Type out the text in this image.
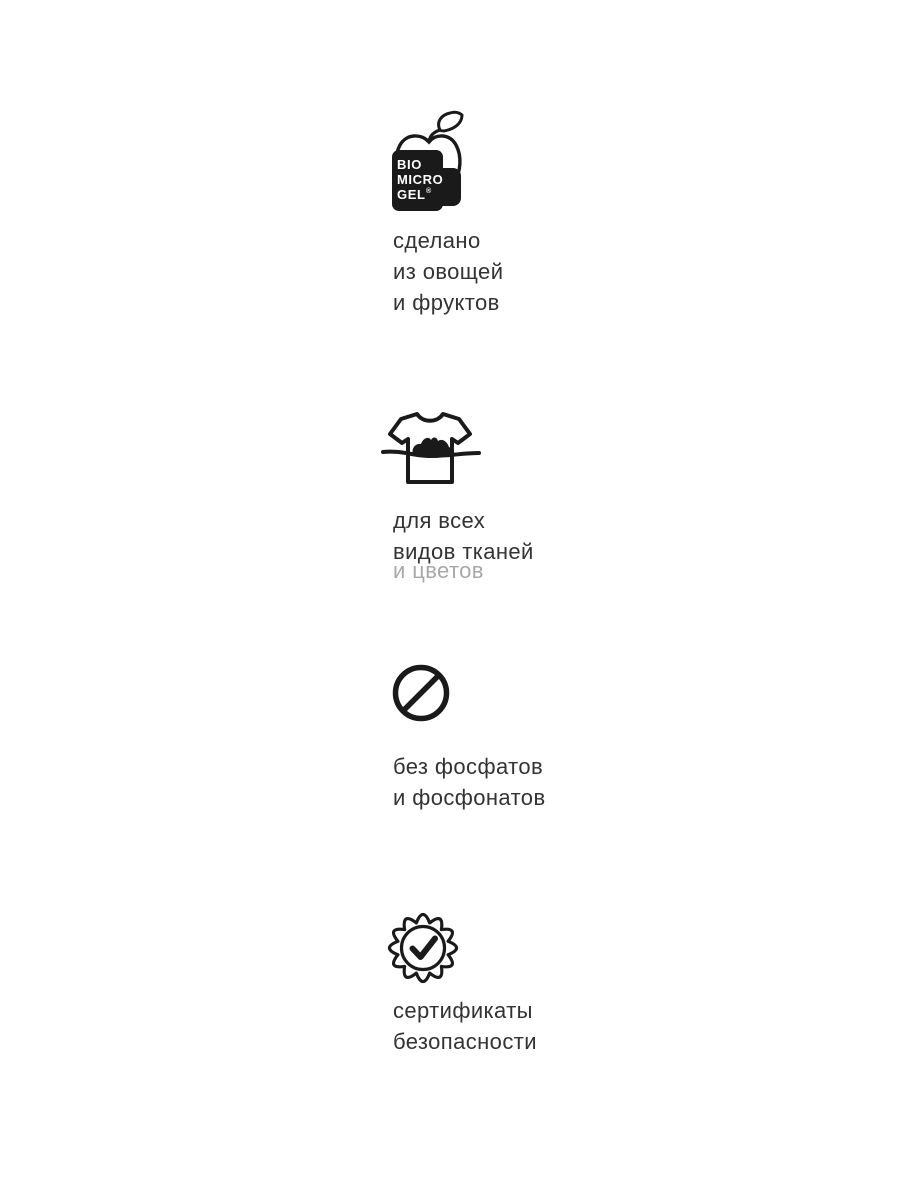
BIO
MICRO
GEL ®
сделано
из овощей
и фруктов
для всех
видов тканей
и цветов
без фосфатов
и фосфонатов
сертификаты
безопасности
